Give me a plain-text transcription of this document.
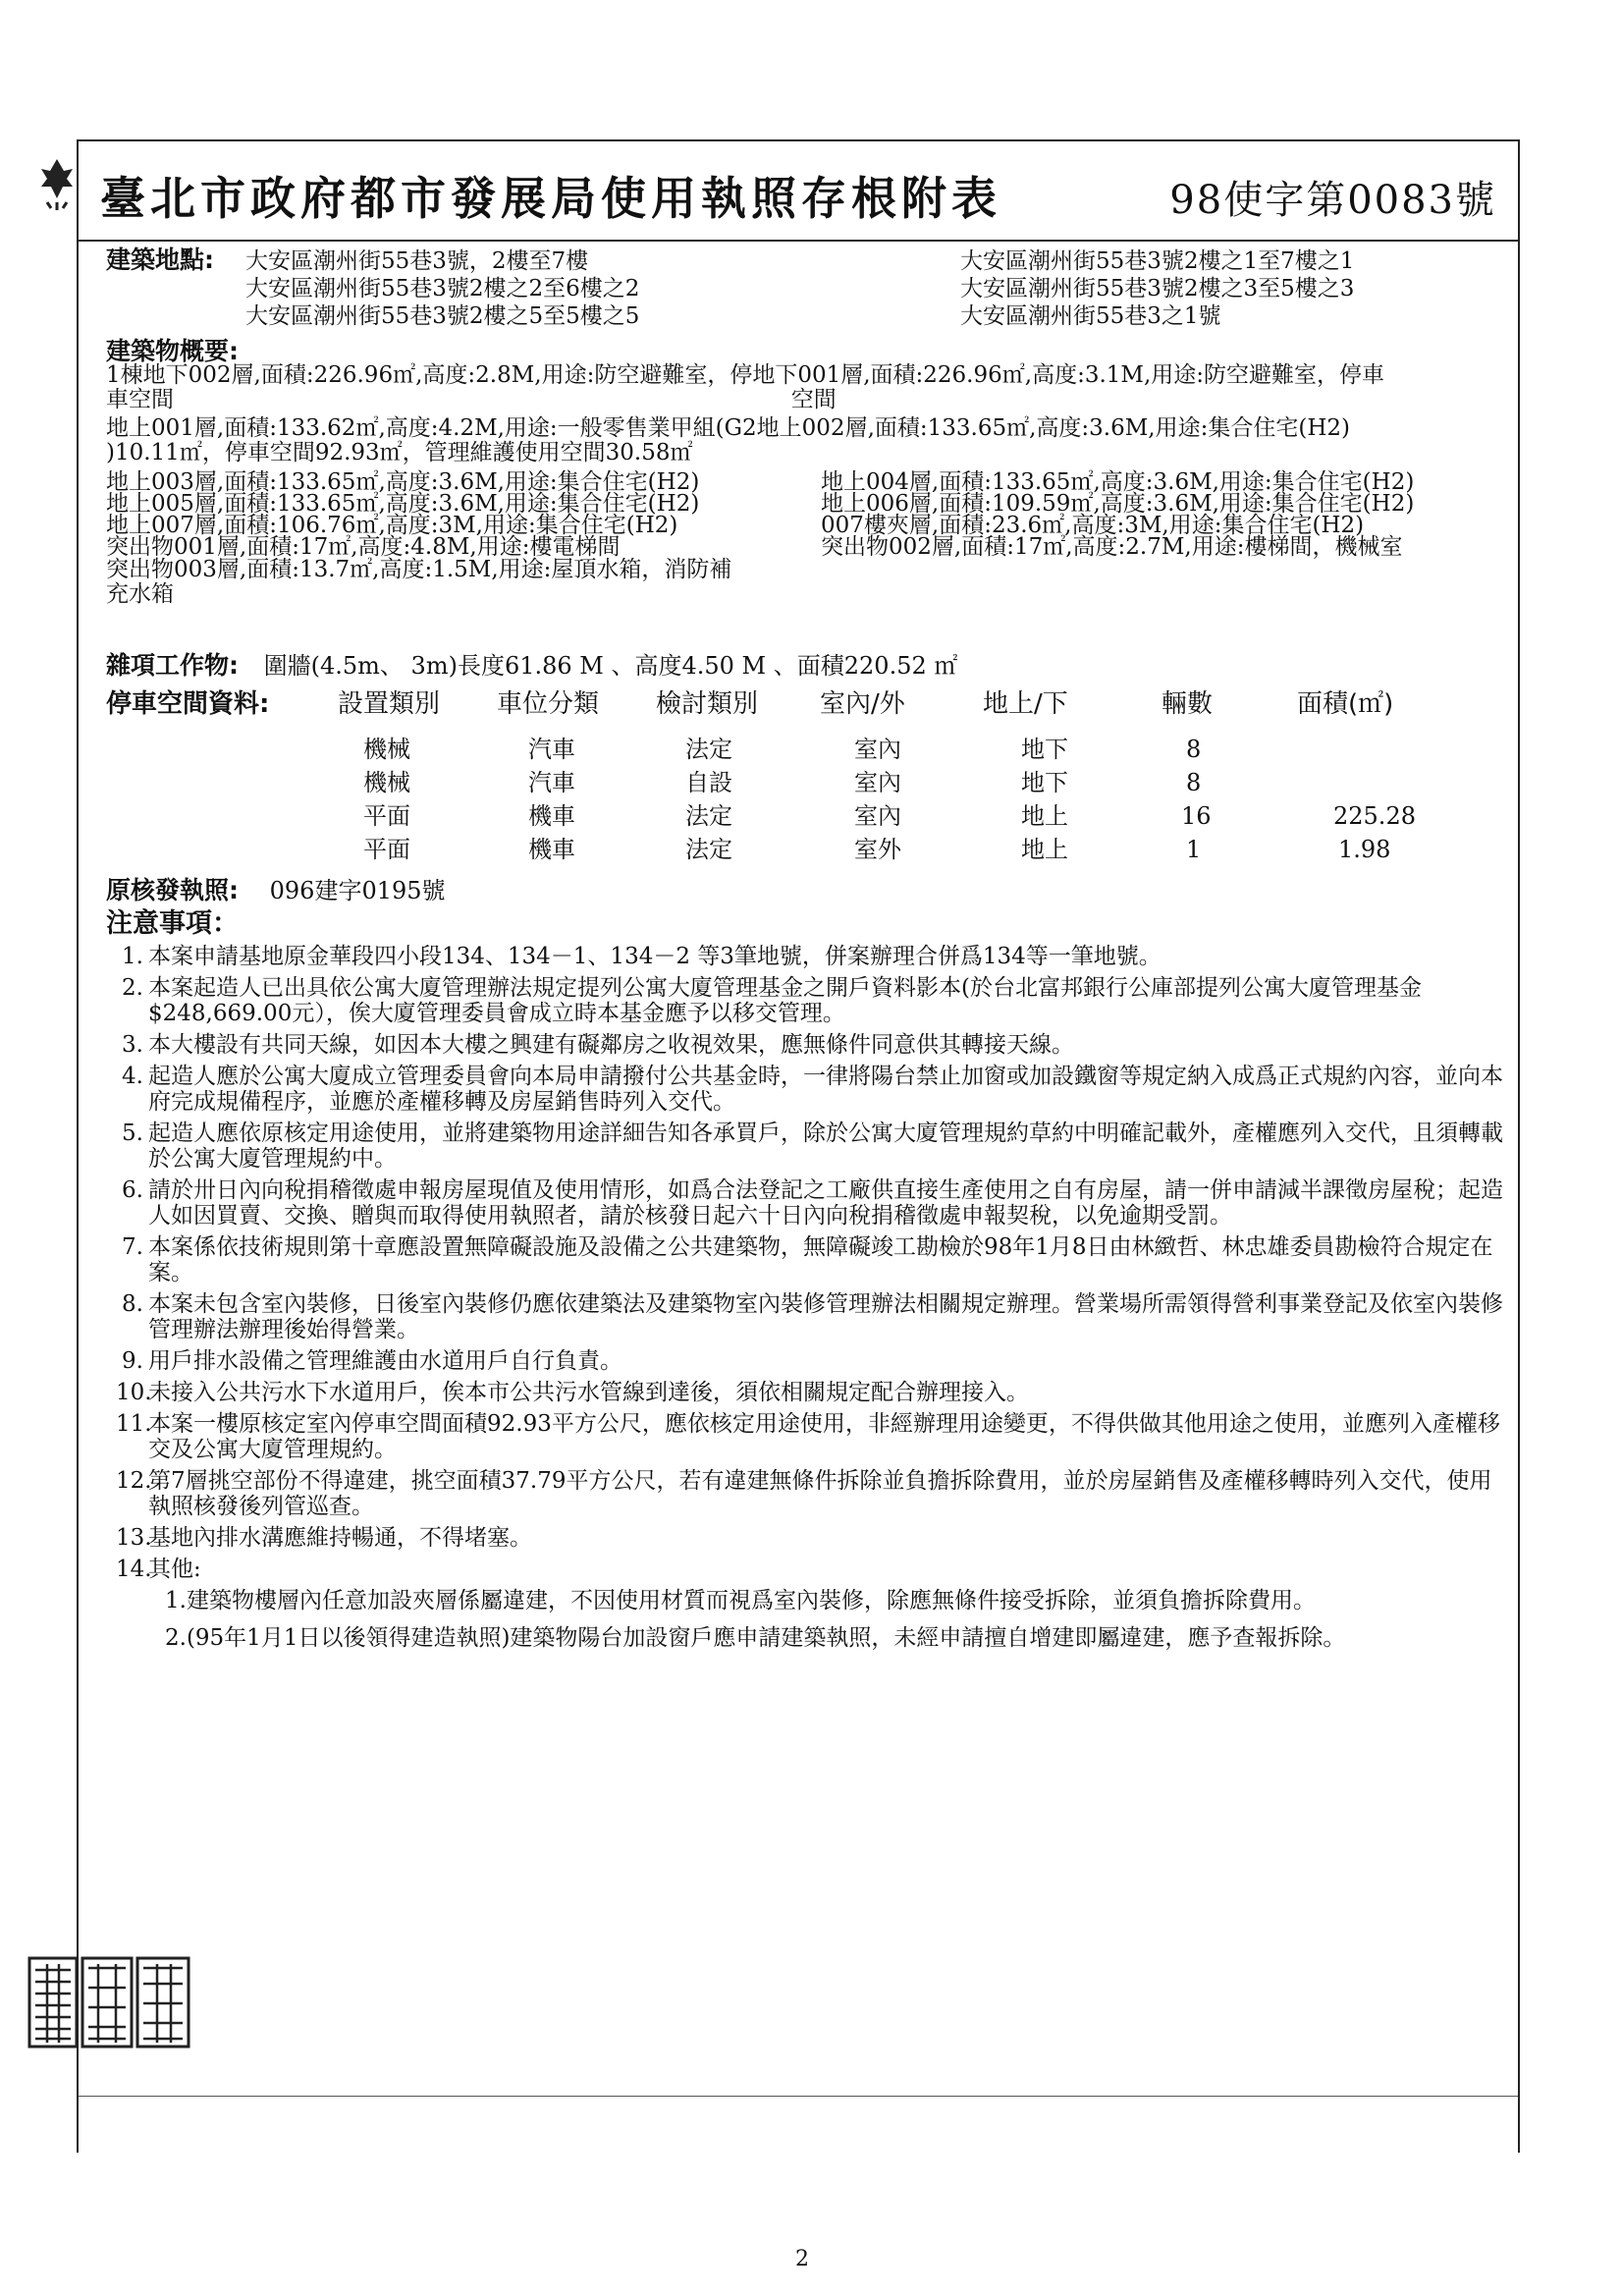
臺北市政府都市發展局使用執照存根附表	98使字第0083號
建築地點: 大安區潮州街55巷3號，2樓至7樓
大安區潮州街55巷3號2樓之2至6樓之2
大安區潮州街55巷3號2樓之5至5樓之5
大安區潮州街55巷3號2樓之1至7樓之1
大安區潮州街55巷3號2樓之3至5樓之3
大安區潮州街55巷3之1號
建築物概要:
1棟地下002層,面積:226.96㎡,高度:2.8M,用途:防空避難室，停地下001層,面積:226.96㎡,高度:3.1M,用途:防空避難室，停車
車空間                                                                                      空間
地上001層,面積:133.62㎡,高度:4.2M,用途:一般零售業甲組(G2地上002層,面積:133.65㎡,高度:3.6M,用途:集合住宅(H2)
)10.11㎡，停車空間92.93㎡，管理維護使用空間30.58㎡
地上003層,面積:133.65㎡,高度:3.6M,用途:集合住宅(H2)	地上004層,面積:133.65㎡,高度:3.6M,用途:集合住宅(H2)
地上005層,面積:133.65㎡,高度:3.6M,用途:集合住宅(H2)	地上006層,面積:109.59㎡,高度:3.6M,用途:集合住宅(H2)
地上007層,面積:106.76㎡,高度:3M,用途:集合住宅(H2)	007樓夾層,面積:23.6㎡,高度:3M,用途:集合住宅(H2)
突出物001層,面積:17㎡,高度:4.8M,用途:樓電梯間	突出物002層,面積:17㎡,高度:2.7M,用途:樓梯間，機械室
突出物003層,面積:13.7㎡,高度:1.5M,用途:屋頂水箱，消防補
充水箱
雜項工作物: 圍牆(4.5m、 3m)長度61.86 M 、高度4.50 M 、面積220.52 ㎡
停車空間資料:	設置類別 車位分類 檢討類別 室內/外	地上/下	輛數	面積(㎡)
機械	汽車	法定	室內	地下	8
機械	汽車	自設	室內	地下	8
平面	機車	法定	室內	地上	16	225.28
平面	機車	法定	室外	地上	1	1.98
原核發執照: 096建字0195號
注意事項：
1. 本案申請基地原金華段四小段134、134－1、134－2 等3筆地號，併案辦理合併爲134等一筆地號。
2. 本案起造人已出具依公寓大廈管理辦法規定提列公寓大廈管理基金之開戶資料影本(於台北富邦銀行公庫部提列公寓大廈管理基金$248,669.00元），俟大廈管理委員會成立時本基金應予以移交管理。
3. 本大樓設有共同天線，如因本大樓之興建有礙鄰房之收視效果，應無條件同意供其轉接天線。
4. 起造人應於公寓大廈成立管理委員會向本局申請撥付公共基金時，一律將陽台禁止加窗或加設鐵窗等規定納入成爲正式規約內容，並向本府完成規備程序，並應於產權移轉及房屋銷售時列入交代。
5. 起造人應依原核定用途使用，並將建築物用途詳細告知各承買戶，除於公寓大廈管理規約草約中明確記載外，產權應列入交代，且須轉載於公寓大廈管理規約中。
6. 請於卅日內向稅捐稽徵處申報房屋現值及使用情形，如爲合法登記之工廠供直接生產使用之自有房屋，請一併申請減半課徵房屋稅；起造人如因買賣、交換、贈與而取得使用執照者，請於核發日起六十日內向稅捐稽徵處申報契稅，以免逾期受罰。
7. 本案係依技術規則第十章應設置無障礙設施及設備之公共建築物，無障礙竣工勘檢於98年1月8日由林緻哲、林忠雄委員勘檢符合規定在案。
8. 本案未包含室內裝修，日後室內裝修仍應依建築法及建築物室內裝修管理辦法相關規定辦理。營業場所需領得營利事業登記及依室內裝修管理辦法辦理後始得營業。
9. 用戶排水設備之管理維護由水道用戶自行負責。
10.
未接入公共污水下水道用戶，俟本市公共污水管線到達後，須依相關規定配合辦理接入。
11.
本案一樓原核定室內停車空間面積92.93平方公尺，應依核定用途使用，非經辦理用途變更，不得供做其他用途之使用，並應列入產權移交及公寓大廈管理規約。
12.
第7層挑空部份不得違建，挑空面積37.79平方公尺，若有違建無條件拆除並負擔拆除費用，並於房屋銷售及產權移轉時列入交代，使用執照核發後列管巡查。
13.
基地內排水溝應維持暢通，不得堵塞。
14.
其他:
1.建築物樓層內任意加設夾層係屬違建，不因使用材質而視爲室內裝修，除應無條件接受拆除，並須負擔拆除費用。
2.(95年1月1日以後領得建造執照)建築物陽台加設窗戶應申請建築執照，未經申請擅自增建即屬違建，應予查報拆除。
2
